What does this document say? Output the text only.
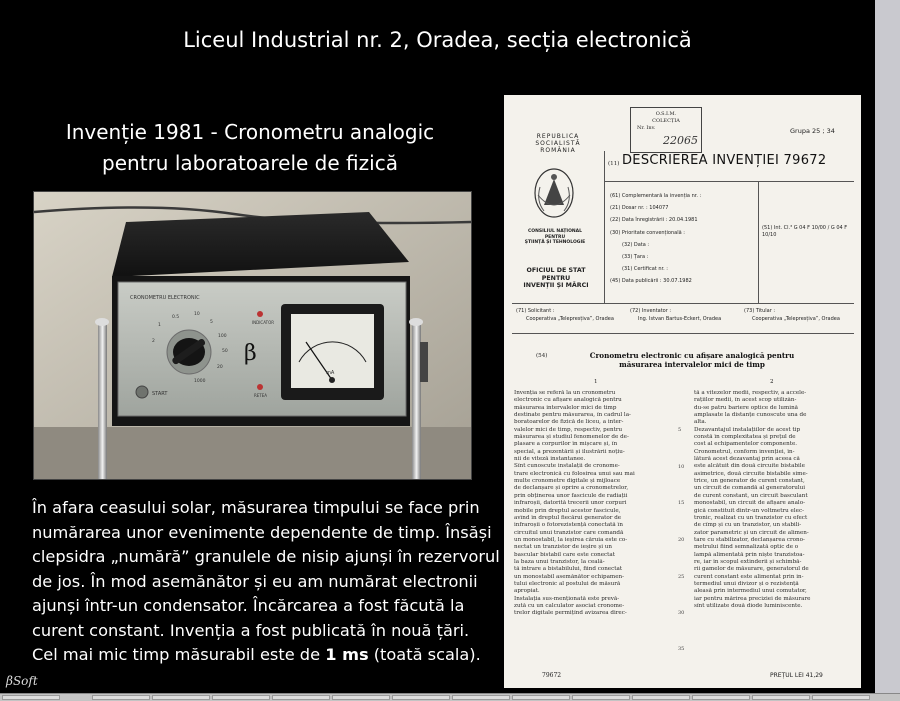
Liceul Industrial nr. 2, Oradea, secția electronică
Invenție 1981 - Cronometru analogic
pentru laboratoarele de fizică
CRONOMETRU ELECTRONIC
1
0.5
10
5
100
50
20
1000
2
START
β
INDICATOR
RETEA
mA
În afara ceasului solar, măsurarea timpului se face prin
numărarea unor evenimente dependente de timp. Însăși
clepsidra „numără” granulele de nisip ajunși în rezervorul
de jos. În mod asemănător și eu am numărat electronii
ajunși într-un condensator. Încărcarea a fost făcută la
curent constant. Invenția a fost publicată în nouă țări.
Cel mai mic timp măsurabil este de 1 ms (toată scala).
O.S.I.M.
COLECȚIA
Nr. Inv.
22065
Grupa 25 ; 34
REPUBLICA
SOCIALISTĂ
ROMÂNIA
(11) DESCRIEREA INVENȚIEI 79672
CONSILIUL NAȚIONAL
PENTRU
ȘTIINȚĂ ȘI TEHNOLOGIE
OFICIUL DE STAT
PENTRU
INVENȚII ȘI MĂRCI
(61) Complementară la invenția nr. :
(21) Dosar nr. : 104077
(22) Data înregistrării : 20.04.1981
(30) Prioritate convențională :
(32) Data :
(33) Țara :
(31) Certificat nr. :
(45) Data publicării : 30.07.1982
(51) Int. Cl.³ G 04 F 10/00 / G 04 F 10/10
(71) Solicitant :
Cooperativa „Telepresțiva”, Oradea
(72) Inventator :
Ing. Istvan Bartus-Eckert, Oradea
(73) Titular :
Cooperativa „Telepresțiva”, Oradea
(54)	Cronometru electronic cu afișare analogică pentru
măsurarea intervalelor mici de timp
1	2
Invenția se referă la un cronometru
electronic cu afișare analogică pentru
măsurarea intervalelor mici de timp
destinate pentru măsurarea, în cadrul la-
boratoarelor de fizică de liceu, a inter-
valelor mici de timp, respectiv, pentru
măsurarea și studiul fenomenelor de de-
plasare a corpurilor în mișcare și, în
special, a prezentării și ilustrării noțiu-
nii de viteză instantanee.
Sînt cunoscute instalații de cronome-
trare electronică cu folosirea unui sau mai
multe cronometre digitale și mijloace
de declanșare și oprire a cronometrelor,
prin obținerea unor fascicule de radiații
infraroșii, datorită trecerii unor corpuri
mobile prin dreptul acestor fascicule,
avînd în dreptul fiecărui generator de
infraroșii o fotorezistență conectată în
circuitul unui tranzistor care comandă
un monostabil, la ieșirea căruia este co-
nectat un tranzistor de ieșire și un
bascular bistabil care este conectat
la baza unui tranzistor, la ceală-
tă intrare a bistabilului, fiind conectat
un monostabil asemănător echipamen-
tului electronic al postului de măsură
apropiat.
Instalația sus-menționată este prevă-
zută cu un calculator asociat cronome-
trelor digitale permițînd avizarea direc-
5
10
15
20
25
30
35
tă a vitezelor medii, respectiv, a accele-
rațiilor medii, în acest scop utilizân-
du-se patru bariere optice de lumină
amplasate la distanțe cunoscute una de
alta.
Dezavantajul instalațiilor de acest tip
constă în complexitatea și prețul de
cost al echipamentelor componente.
Cronometrul, conform invenției, în-
lătură acest dezavantaj prin aceea că
este alcătuit din două circuite bistabile
asimetrice, două circuite bistabile sime-
trice, un generator de curent constant,
un circuit de comandă al generatorului
de curent constant, un circuit basculant
monostabil, un circuit de afișare analo-
gică constituit dintr-un voltmetru elec-
tronic, realizat cu un tranzistor cu efect
de cîmp și cu un tranzistor, un stabili-
zator parametric și un circuit de alimen-
tare cu stabilizator, declanșarea crono-
metrului fiind semnalizată optic de o
lampă alimentată prin niște tranzistoa-
re, iar în scopul extinderii și schimbă-
rii gamelor de măsurare, generatorul de
curent constant este alimentat prin in-
termediul unui divizor și o rezistență
aleasă prin intermediul unui comutator,
iar pentru mărirea preciziei de măsurare
sînt utilizate două diode luminiscente.
79672	PREȚUL LEI 41,29
βSoft
